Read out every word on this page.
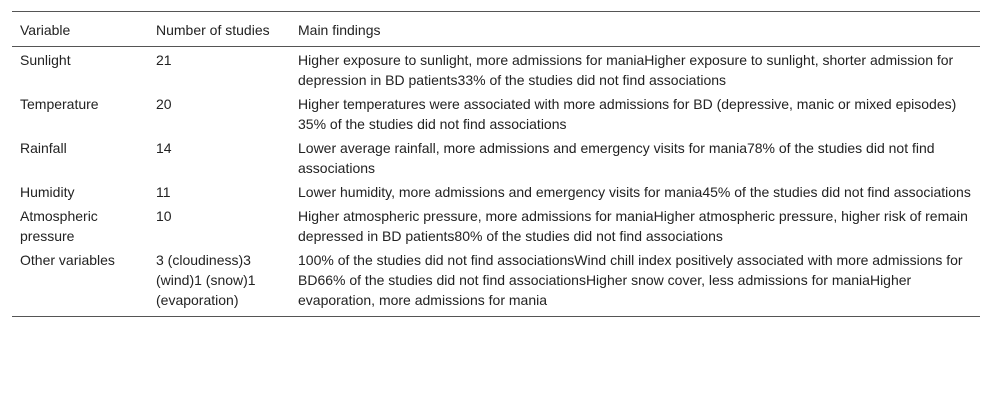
Variable	Number of studies	Main findings
Sunlight	21	Higher exposure to sunlight, more admissions for maniaHigher exposure to sunlight, shorter admission for depression in BD patients33% of the studies did not find associations
Temperature	20	Higher temperatures were associated with more admissions for BD (depressive, manic or mixed episodes) 35% of the studies did not find associations
Rainfall	14	Lower average rainfall, more admissions and emergency visits for mania78% of the studies did not find associations
Humidity	11	Lower humidity, more admissions and emergency visits for mania45% of the studies did not find associations
Atmospheric pressure	10	Higher atmospheric pressure, more admissions for maniaHigher atmospheric pressure, higher risk of remain depressed in BD patients80% of the studies did not find associations
Other variables	3 (cloudiness)3 (wind)1 (snow)1 (evaporation)	100% of the studies did not find associationsWind chill index positively associated with more admissions for BD66% of the studies did not find associationsHigher snow cover, less admissions for maniaHigher evaporation, more admissions for mania
